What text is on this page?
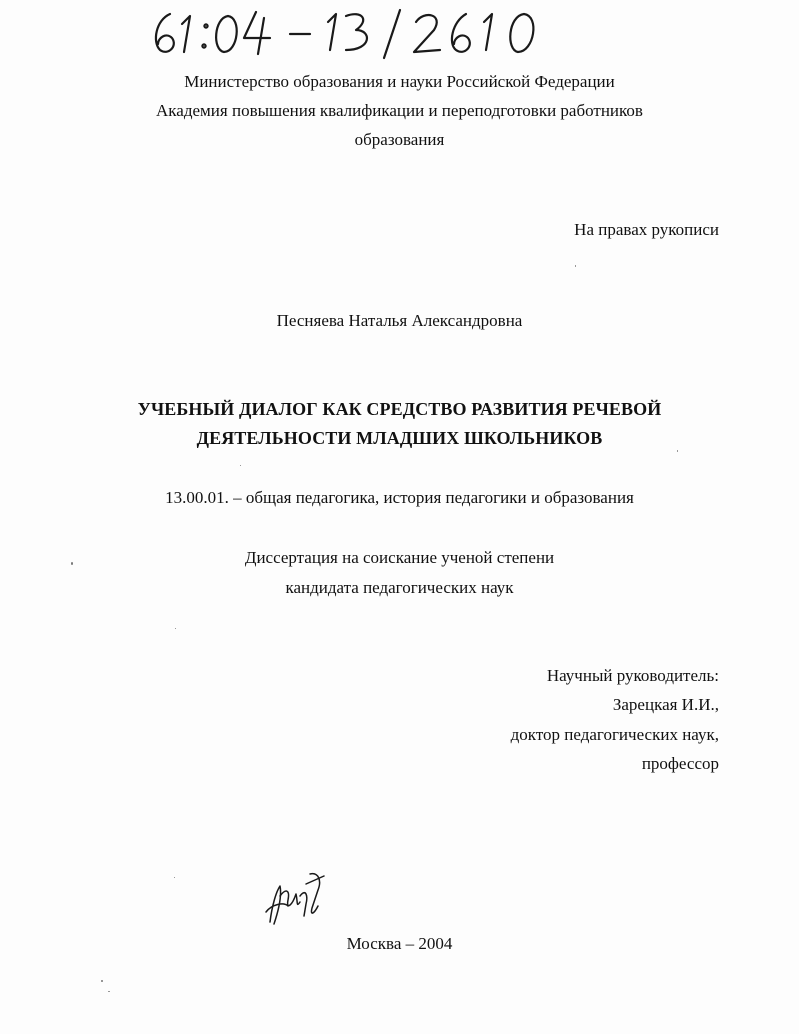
Министерство образования и науки Российской Федерации
Академия повышения квалификации и переподготовки работников
образования
На правах рукописи
Песняева Наталья Александровна
УЧЕБНЫЙ ДИАЛОГ КАК СРЕДСТВО РАЗВИТИЯ РЕЧЕВОЙ
ДЕЯТЕЛЬНОСТИ МЛАДШИХ ШКОЛЬНИКОВ
13.00.01. – общая педагогика, история педагогики и образования
Диссертация на соискание ученой степени
кандидата педагогических наук
Научный руководитель:
Зарецкая И.И.,
доктор педагогических наук,
профессор
Москва – 2004
